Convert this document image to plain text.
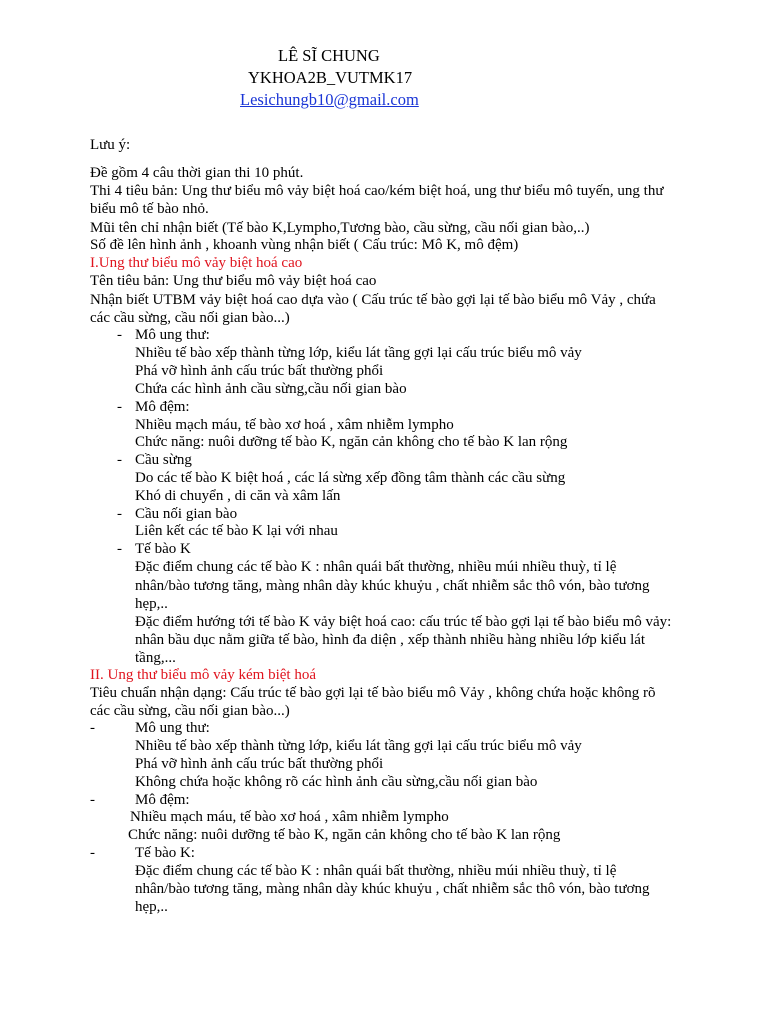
LÊ SĨ CHUNG
YKHOA2B_VUTMK17
Lesichungb10@gmail.com
Lưu ý:
Đề gồm 4 câu thời gian thi 10 phút.
Thi 4 tiêu bản: Ung thư biểu mô vảy biệt hoá cao/kém biệt hoá, ung thư biểu mô tuyến, ung thư
biểu mô tế bào nhỏ.
Mũi tên chỉ nhận biết (Tế bào K,Lympho,Tương bào, cầu sừng, cầu nối gian bào,..)
Số đề lên hình ảnh , khoanh vùng nhận biết ( Cấu trúc: Mô K, mô đệm)
I.Ung thư biểu mô vảy biệt hoá cao
Tên tiêu bản: Ung thư biểu mô vảy biệt hoá cao
Nhận biết UTBM vảy biệt hoá cao dựa vào ( Cấu trúc tế bào gợi lại tế bào biểu mô Vảy , chứa
các cầu sừng, cầu nối gian bào...)
- Mô ung thư:
Nhiều tế bào xếp thành từng lớp, kiểu lát tầng gợi lại cấu trúc biểu mô vảy
Phá vỡ hình ảnh cấu trúc bất thường phổi
Chứa các hình ảnh cầu sừng,cầu nối gian bào
- Mô đệm:
Nhiều mạch máu, tế bào xơ hoá , xâm nhiễm lympho
Chức năng: nuôi dưỡng tế bào K, ngăn cản không cho tế bào K lan rộng
- Cầu sừng
Do các tế bào K biệt hoá , các lá sừng xếp đồng tâm thành các cầu sừng
Khó di chuyển , di căn và xâm lấn
- Cầu nối gian bào
Liên kết các tế bào K lại với nhau
- Tế bào K
Đặc điểm chung các tế bào K : nhân quái bất thường, nhiều múi nhiều thuỳ, tỉ lệ
nhân/bào tương tăng, màng nhân dày khúc khuỷu , chất nhiễm sắc thô vón, bào tương
hẹp,..
Đặc điểm hướng tới tế bào K vảy biệt hoá cao: cấu trúc tế bào gợi lại tế bào biểu mô vảy:
nhân bầu dục nằm giữa tế bào, hình đa diện , xếp thành nhiều hàng nhiều lớp kiểu lát
tầng,...
II. Ung thư biểu mô vảy kém biệt hoá
Tiêu chuẩn nhận dạng: Cấu trúc tế bào gợi lại tế bào biểu mô Vảy , không chứa hoặc không rõ
các cầu sừng, cầu nối gian bào...)
-	Mô ung thư:
Nhiều tế bào xếp thành từng lớp, kiểu lát tầng gợi lại cấu trúc biểu mô vảy
Phá vỡ hình ảnh cấu trúc bất thường phổi
Không chứa hoặc không rõ các hình ảnh cầu sừng,cầu nối gian bào
-	Mô đệm:
Nhiều mạch máu, tế bào xơ hoá , xâm nhiễm lympho
Chức năng: nuôi dưỡng tế bào K, ngăn cản không cho tế bào K lan rộng
-	Tế bào K:
Đặc điểm chung các tế bào K : nhân quái bất thường, nhiều múi nhiều thuỳ, tỉ lệ
nhân/bào tương tăng, màng nhân dày khúc khuỷu , chất nhiễm sắc thô vón, bào tương
hẹp,..
